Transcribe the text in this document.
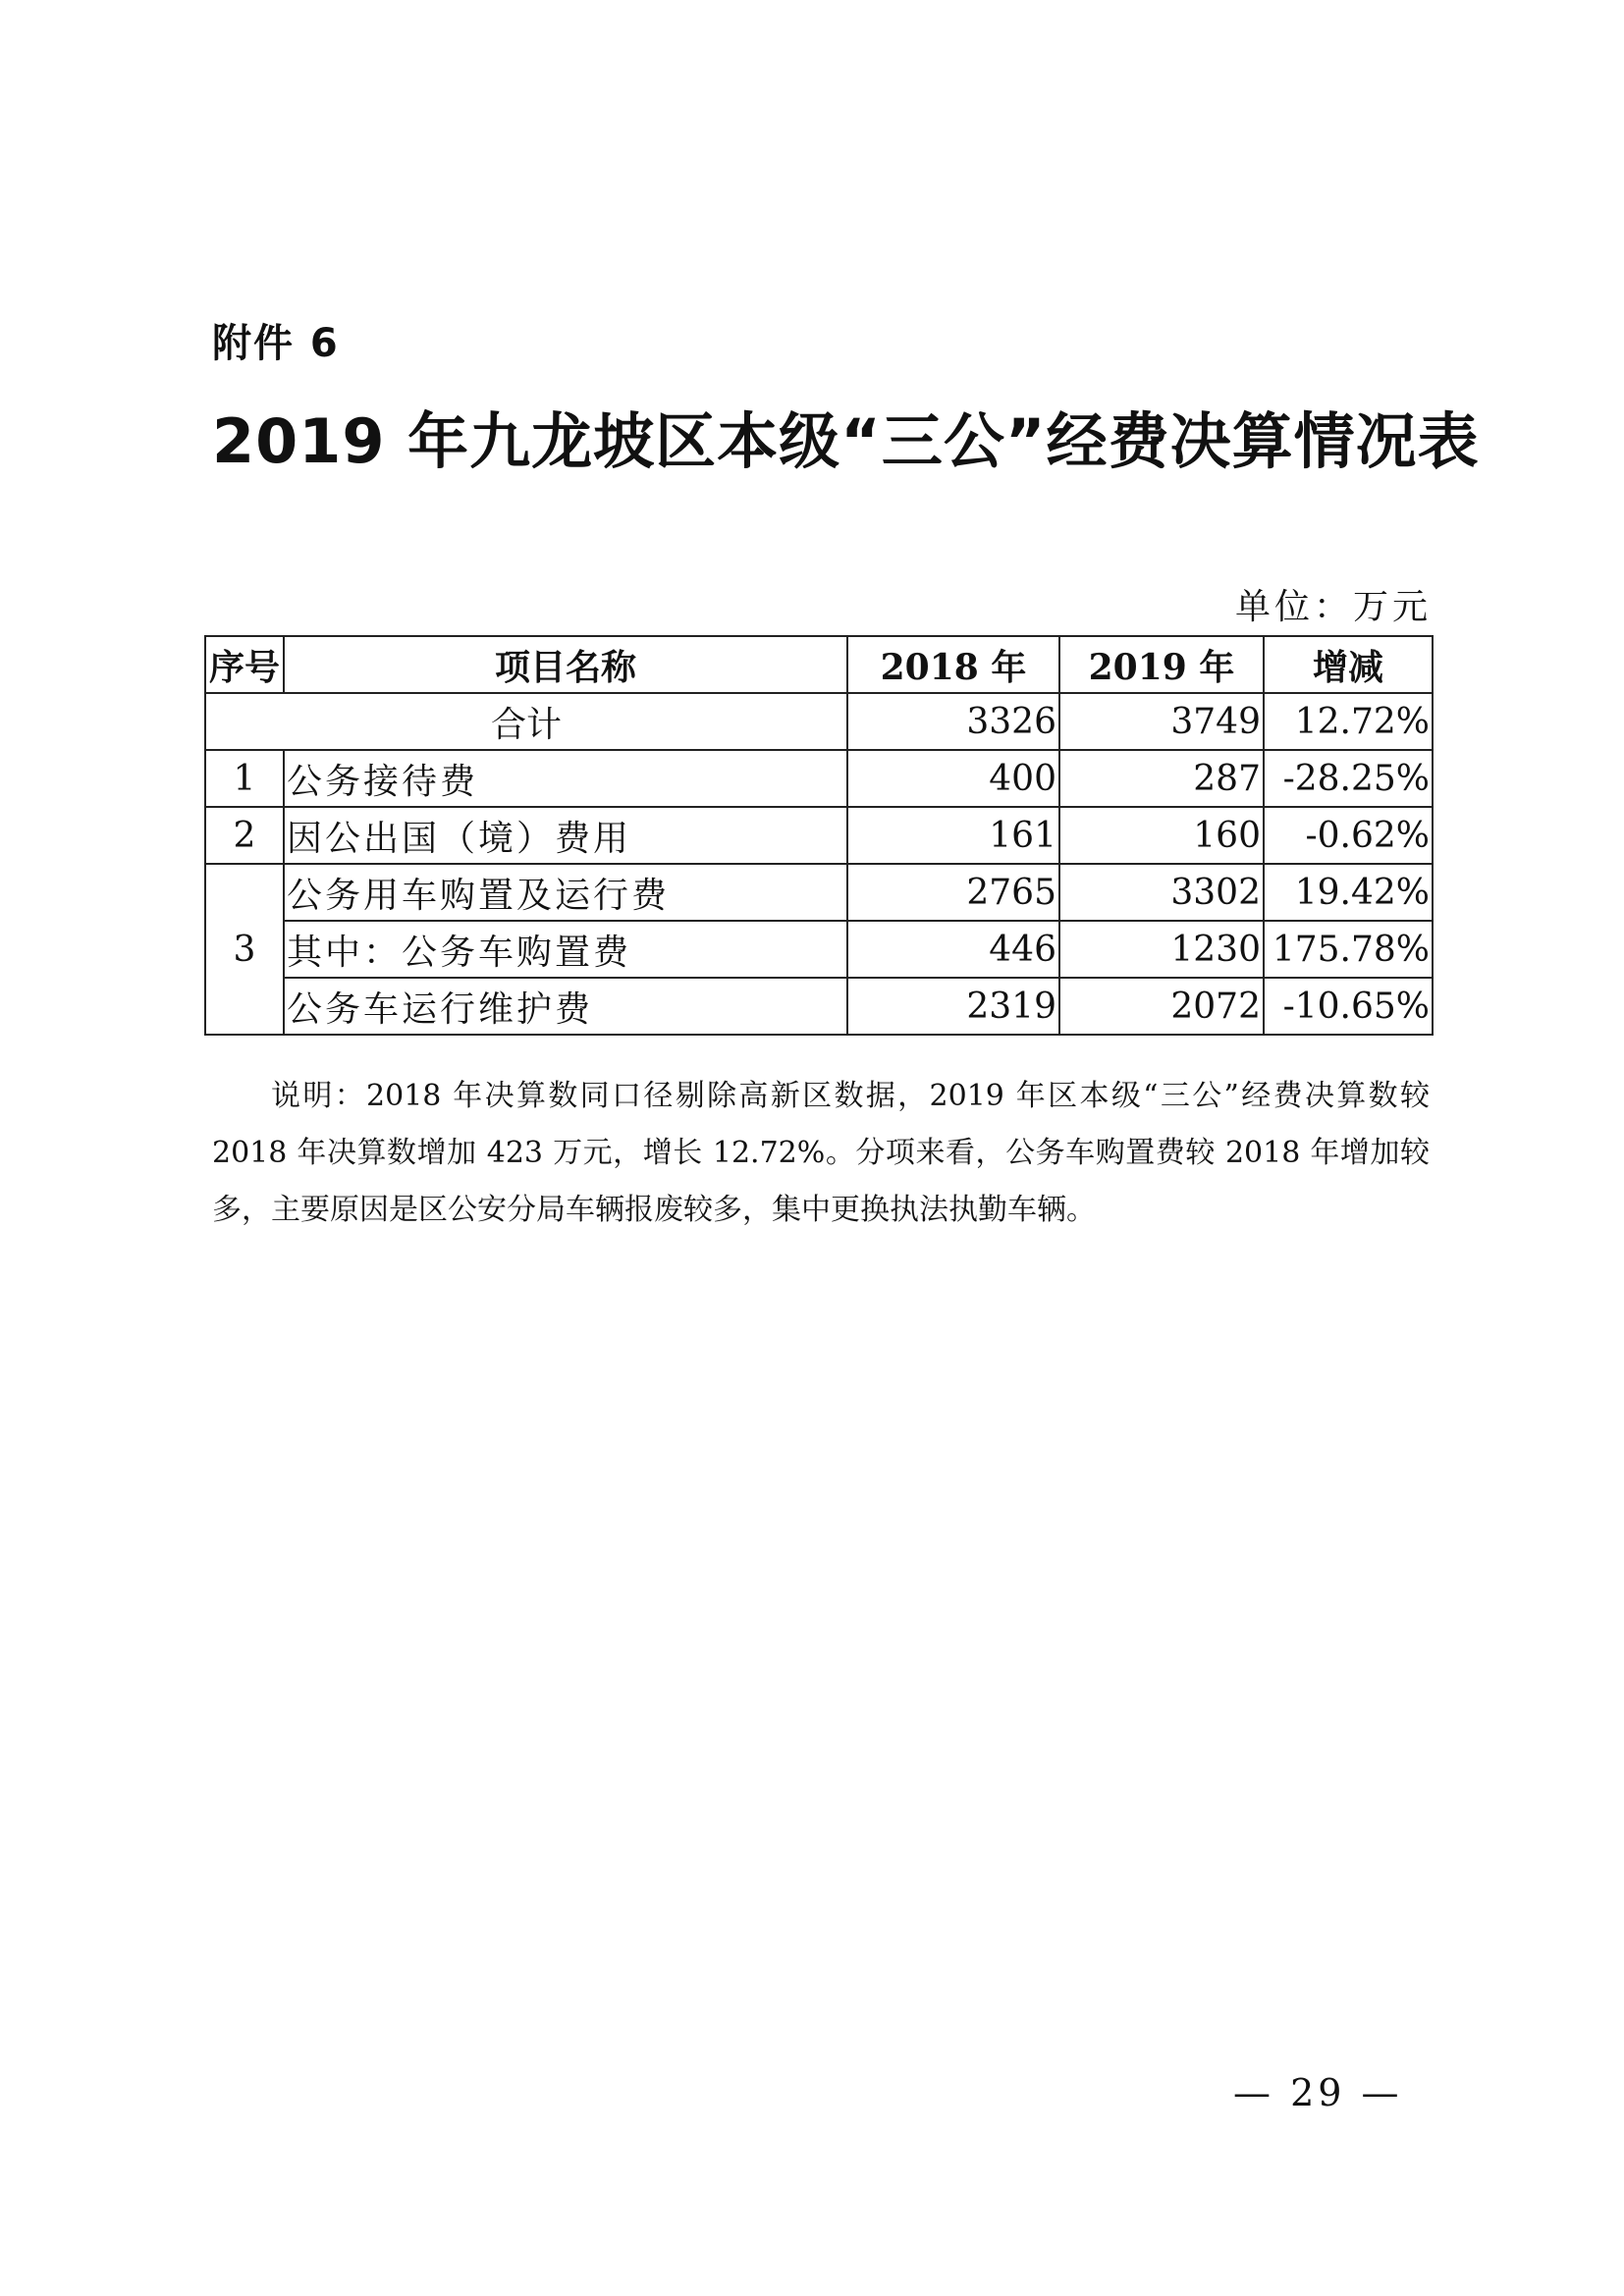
附件 6
2019 年九龙坡区本级“三公”经费决算情况表
单位：万元
序号	项目名称	2018 年	2019 年	增减
合计		3326	3749	12.72%
1	公务接待费	400	287	-28.25%
2	因公出国（境）费用	161	160	-0.62%
3	公务用车购置及运行费	2765	3302	19.42%
	其中：公务车购置费	446	1230	175.78%
	公务车运行维护费	2319	2072	-10.65%

说明：2018 年决算数同口径剔除高新区数据，2019 年区本级“三公”经费决算数较 2018 年决算数增加 423 万元，增长 12.72%。分项来看，公务车购置费较 2018 年增加较多，主要原因是区公安分局车辆报废较多，集中更换执法执勤车辆。

— 29 —
